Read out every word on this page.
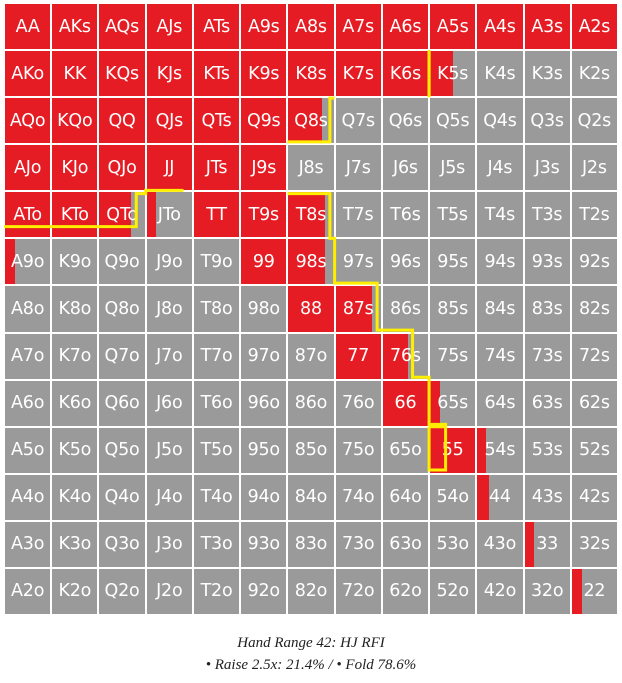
AA	AKs AQs AJs	ATs	A9s A8s A7s A6s A5s A4s A3s A2s
AKo	KK	KQs	KJs	KTs	K9s K8s K7s K6s K5s K4s K3s K2s
AQo KQo QQ	QJs	QTs Q9s Q8s Q7s Q6s Q5s Q4s Q3s Q2s
AJo	KJo	QJo	JJ	JTs	J9s	J8s	J7s	J6s	J5s	J4s	J3s	J2s
ATo	KTo QTo	JTo	TT	T9s T8s T7s T6s T5s T4s T3s T2s
A9o K9o Q9o J9o	T9o	99	98s 97s 96s 95s 94s 93s 92s
A8o K8o Q8o J8o	T8o 98o	88	87s 86s 85s 84s 83s 82s
A7o K7o Q7o J7o	T7o 97o 87o	77	76s 75s 74s 73s 72s
A6o K6o Q6o J6o	T6o 96o 86o 76o	66	65s 64s 63s 62s
A5o K5o Q5o J5o	T5o 95o 85o 75o 65o	55	54s 53s 52s
A4o K4o Q4o J4o	T4o 94o 84o 74o 64o 54o	44	43s 42s
A3o K3o Q3o J3o	T3o 93o 83o 73o 63o 53o 43o	33	32s
A2o K2o Q2o J2o	T2o 92o 82o 72o 62o 52o 42o 32o	22
Hand Range 42: HJ RFI
• Raise 2.5x: 21.4% / • Fold 78.6%
